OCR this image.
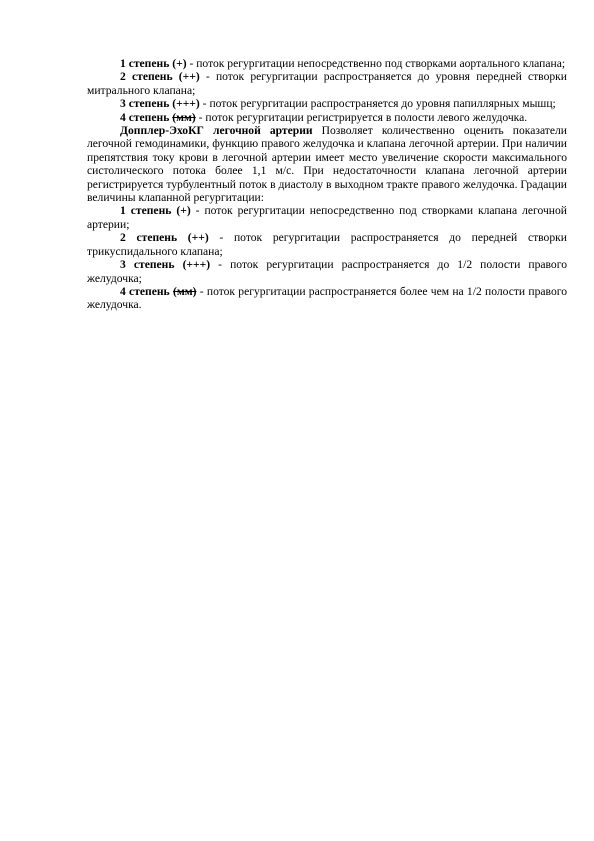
1 степень (+) - поток регургитации непосредственно под створками аортального клапана;

2 степень (++) - поток регургитации распространяется до уровня передней створки митрального клапана;

3 степень (+++) - поток регургитации распространяется до уровня папиллярных мышц;

4 степень (мм) - поток регургитации регистрируется в полости левого желудочка.

Допплер-ЭхоКГ легочной артерии Позволяет количественно оценить показатели легочной гемодинамики, функцию правого желудочка и клапана легочной артерии. При наличии препятствия току крови в легочной артерии имеет место увеличение скорости максимального систолического потока более 1,1 м/с. При недостаточности клапана легочной артерии регистрируется турбулентный поток в диастолу в выходном тракте правого желудочка. Градации величины клапанной регургитации:

1 степень (+) - поток регургитации непосредственно под створками клапана легочной артерии;

2 степень (++) - поток регургитации распространяется до передней створки трикуспидального клапана;

3 степень (+++) - поток регургитации распространяется до 1/2 полости правого желудочка;

4 степень (мм) - поток регургитации распространяется более чем на 1/2 полости правого желудочка.
